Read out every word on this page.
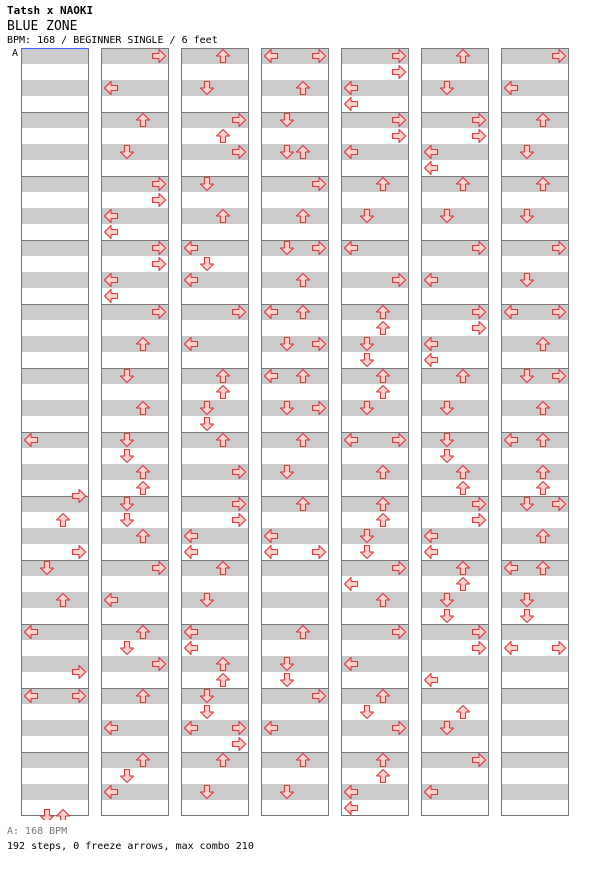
Tatsh x NAOKI
BLUE ZONE
BPM: 168 / BEGINNER SINGLE / 6 feet
A
A: 168 BPM
192 steps, 0 freeze arrows, max combo 210
